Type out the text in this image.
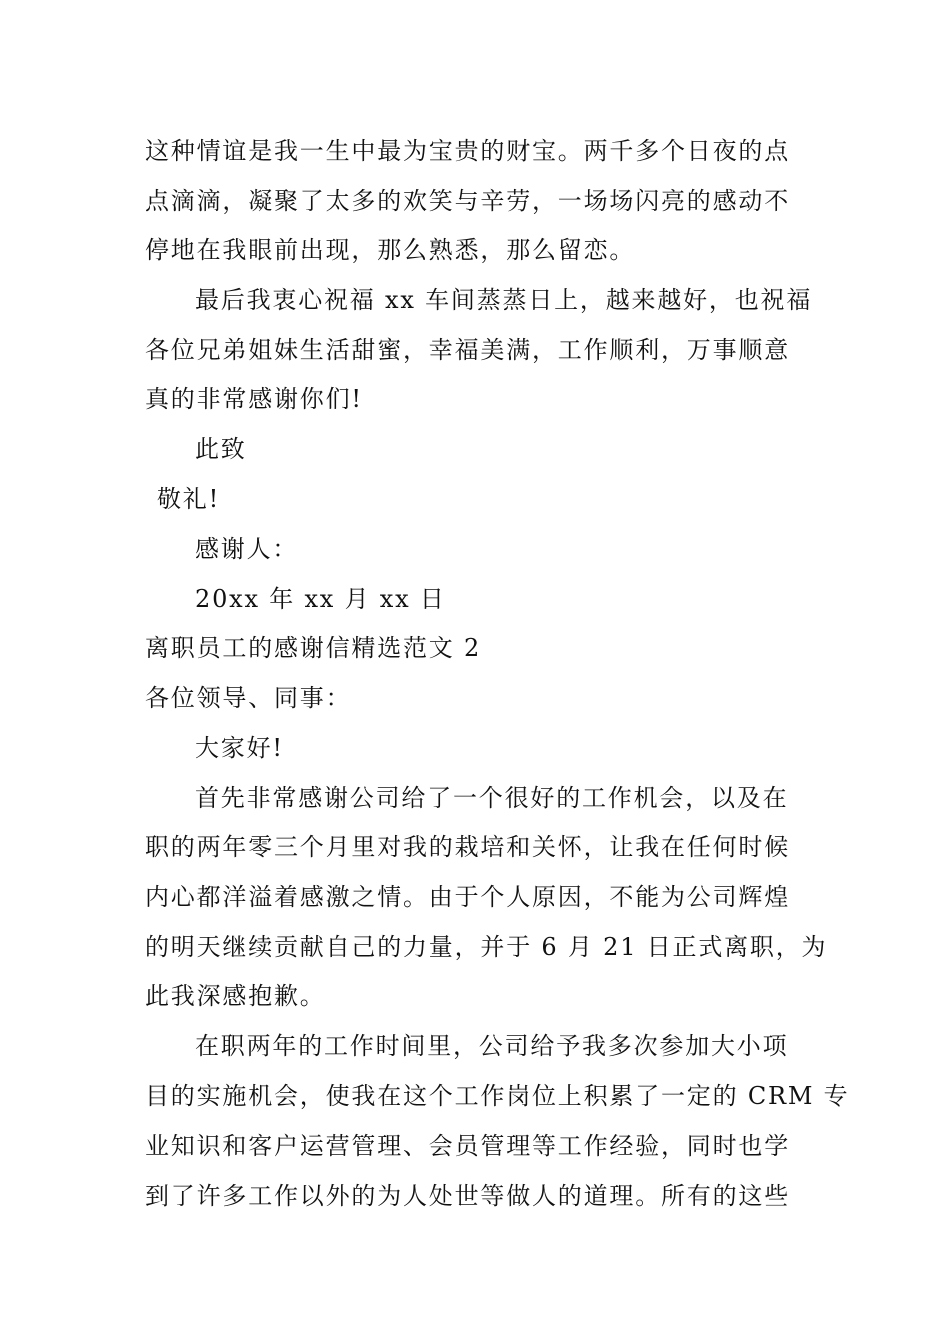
这种情谊是我一生中最为宝贵的财宝。两千多个日夜的点
点滴滴，凝聚了太多的欢笑与辛劳，一场场闪亮的感动不
停地在我眼前出现，那么熟悉，那么留恋。
最后我衷心祝福 xx 车间蒸蒸日上，越来越好，也祝福
各位兄弟姐妹生活甜蜜，幸福美满，工作顺利，万事顺意
真的非常感谢你们!
此致
敬礼!
感谢人：
20xx 年 xx 月 xx 日
离职员工的感谢信精选范文 2
各位领导、同事：
大家好!
首先非常感谢公司给了一个很好的工作机会，以及在
职的两年零三个月里对我的栽培和关怀，让我在任何时候
内心都洋溢着感激之情。由于个人原因，不能为公司辉煌
的明天继续贡献自己的力量，并于 6 月 21 日正式离职，为
此我深感抱歉。
在职两年的工作时间里，公司给予我多次参加大小项
目的实施机会，使我在这个工作岗位上积累了一定的 CRM 专
业知识和客户运营管理、会员管理等工作经验，同时也学
到了许多工作以外的为人处世等做人的道理。所有的这些
